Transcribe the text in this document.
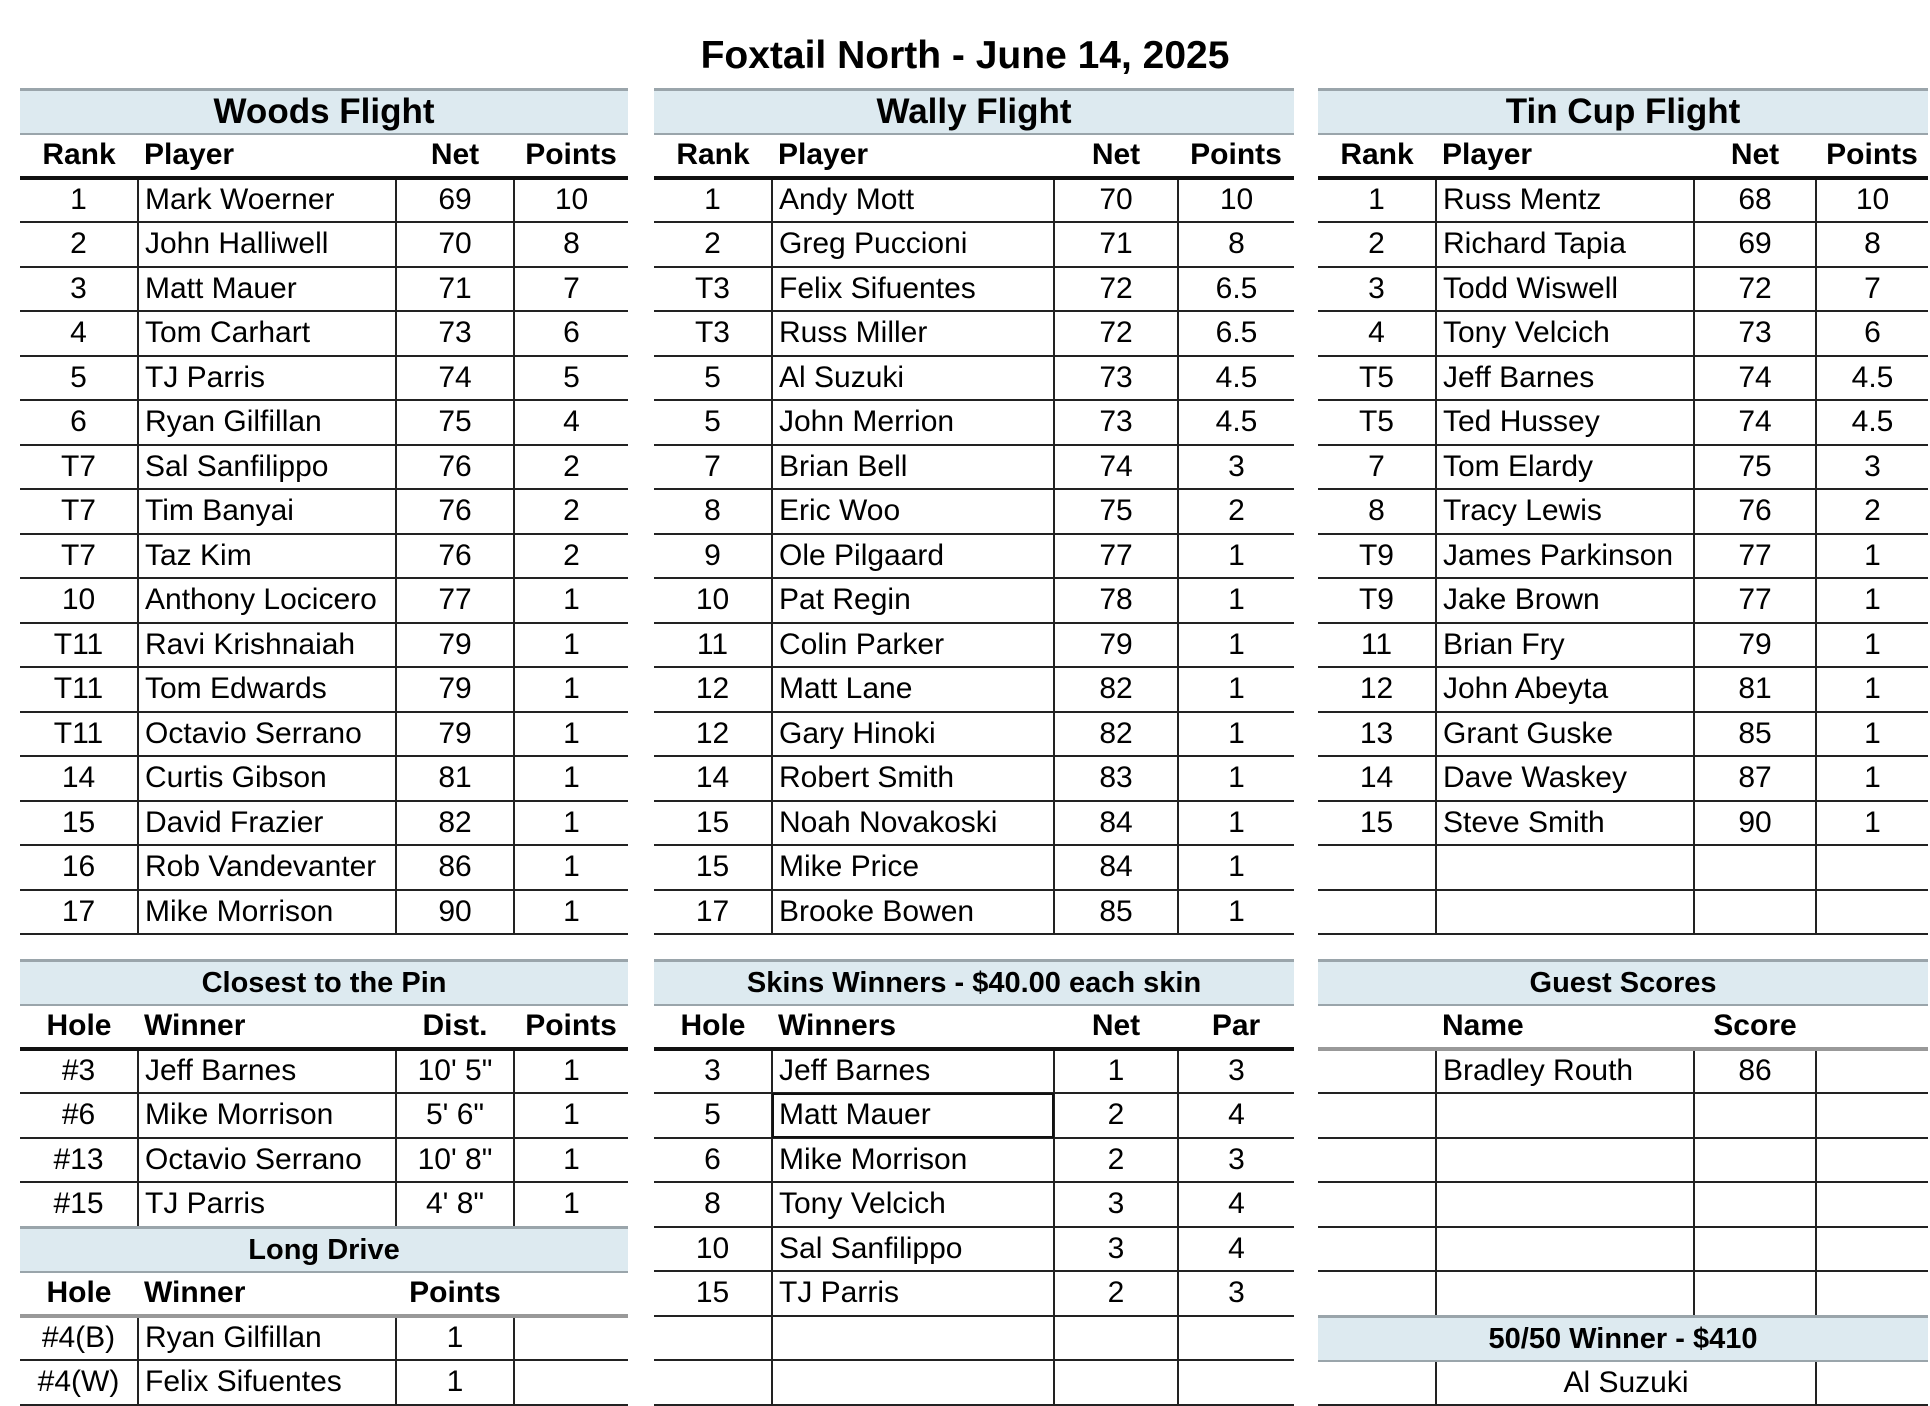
Foxtail North - June 14, 2025
Woods Flight			
Rank	Player	Net	Points
1	Mark Woerner	69	10
2	John Halliwell	70	8
3	Matt Mauer	71	7
4	Tom Carhart	73	6
5	TJ Parris	74	5
6	Ryan Gilfillan	75	4
T7	Sal Sanfilippo	76	2
T7	Tim Banyai	76	2
T7	Taz Kim	76	2
10	Anthony Locicero	77	1
T11	Ravi Krishnaiah	79	1
T11	Tom Edwards	79	1
T11	Octavio Serrano	79	1
14	Curtis Gibson	81	1
15	David Frazier	82	1
16	Rob Vandevanter	86	1
17	Mike Morrison	90	1
Wally Flight			
Rank	Player	Net	Points
1	Andy Mott	70	10
2	Greg Puccioni	71	8
T3	Felix Sifuentes	72	6.5
T3	Russ Miller	72	6.5
5	Al Suzuki	73	4.5
5	John Merrion	73	4.5
7	Brian Bell	74	3
8	Eric Woo	75	2
9	Ole Pilgaard	77	1
10	Pat Regin	78	1
11	Colin Parker	79	1
12	Matt Lane	82	1
12	Gary Hinoki	82	1
14	Robert Smith	83	1
15	Noah Novakoski	84	1
15	Mike Price	84	1
17	Brooke Bowen	85	1
Tin Cup Flight			
Rank	Player	Net	Points
1	Russ Mentz	68	10
2	Richard Tapia	69	8
3	Todd Wiswell	72	7
4	Tony Velcich	73	6
T5	Jeff Barnes	74	4.5
T5	Ted Hussey	74	4.5
7	Tom Elardy	75	3
8	Tracy Lewis	76	2
T9	James Parkinson	77	1
T9	Jake Brown	77	1
11	Brian Fry	79	1
12	John Abeyta	81	1
13	Grant Guske	85	1
14	Dave Waskey	87	1
15	Steve Smith	90	1

Closest to the Pin			
Hole	Winner	Dist.	Points
#3	Jeff Barnes	10' 5"	1
#6	Mike Morrison	5' 6"	1
#13	Octavio Serrano	10' 8"	1
#15	TJ Parris	4' 8"	1
Long Drive			
Hole	Winner	Points	
#4(B)	Ryan Gilfillan	1	
#4(W)	Felix Sifuentes	1	
Skins Winners - $40.00 each skin			
Hole	Winners	Net	Par
3	Jeff Barnes	1	3
5	Matt Mauer	2	4
6	Mike Morrison	2	3
8	Tony Velcich	3	4
10	Sal Sanfilippo	3	4
15	TJ Parris	2	3

Guest Scores			
	Name	Score	
	Bradley Routh	86	

50/50 Winner - $410
	Al Suzuki	
